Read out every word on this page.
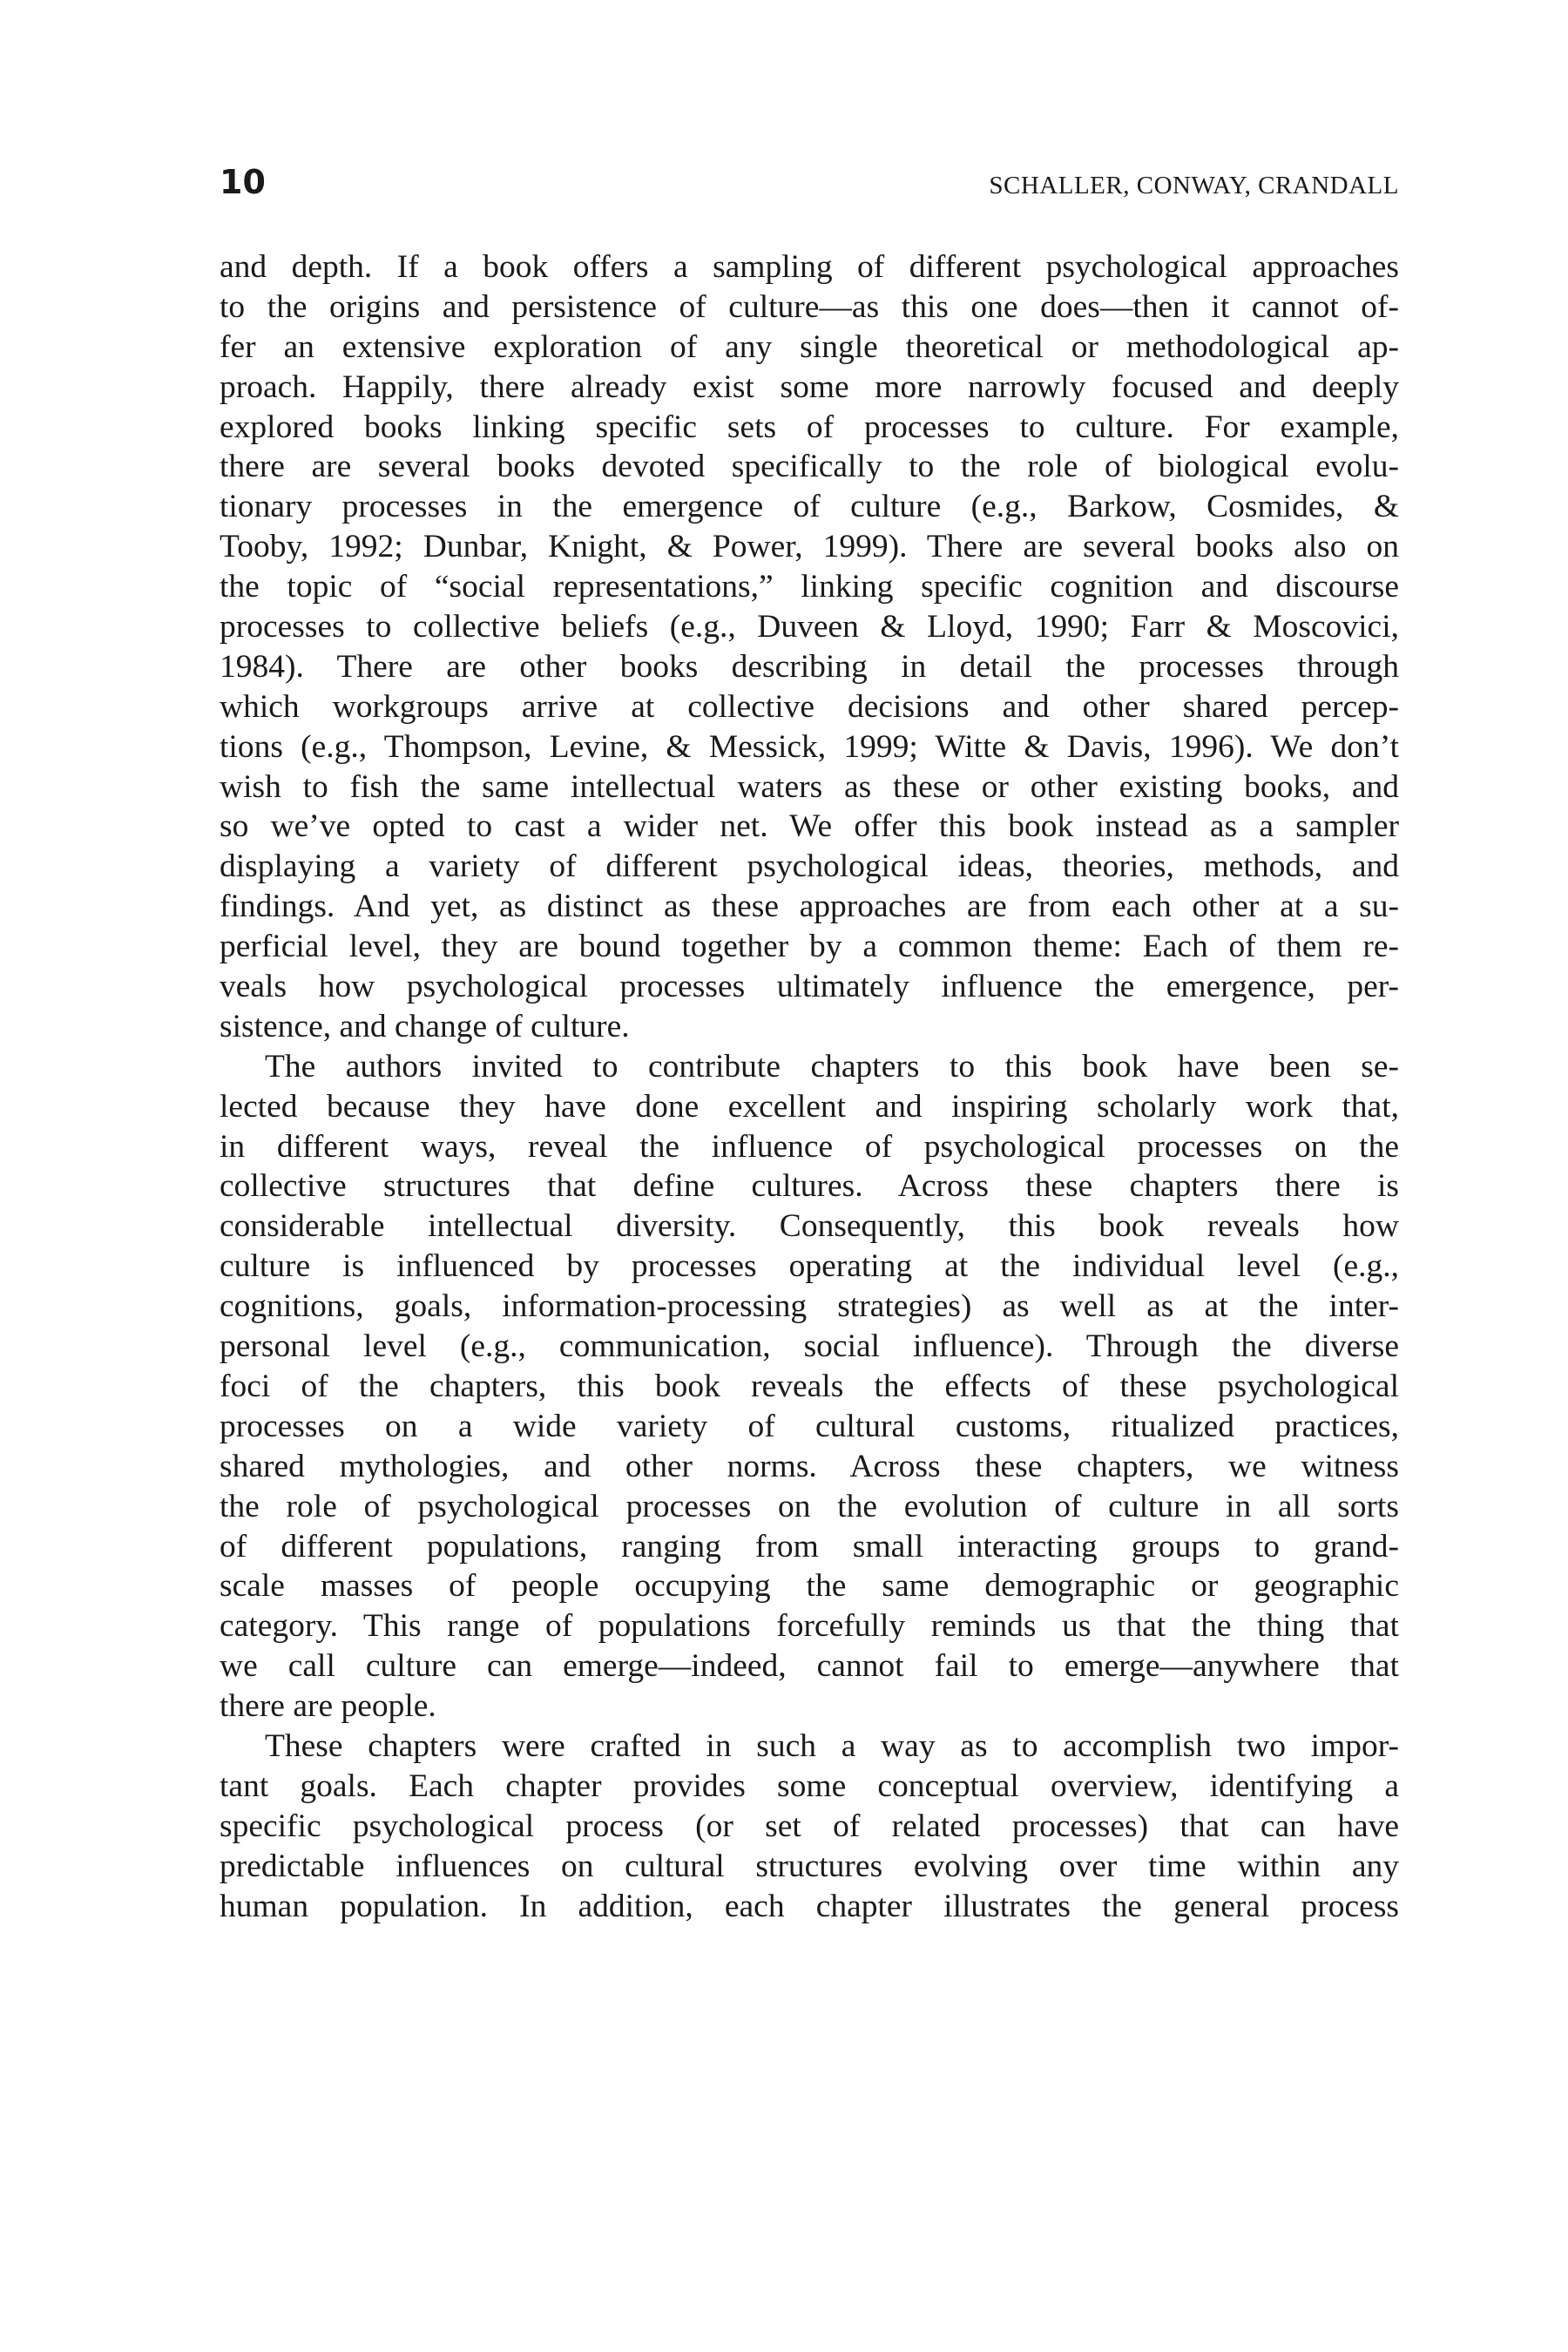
10	SCHALLER, CONWAY, CRANDALL
and depth. If a book offers a sampling of different psychological approaches
to the origins and persistence of culture—as this one does—then it cannot of-
fer an extensive exploration of any single theoretical or methodological ap-
proach. Happily, there already exist some more narrowly focused and deeply
explored books linking specific sets of processes to culture. For example,
there are several books devoted specifically to the role of biological evolu-
tionary processes in the emergence of culture (e.g., Barkow, Cosmides, &
Tooby, 1992; Dunbar, Knight, & Power, 1999). There are several books also on
the topic of “social representations,” linking specific cognition and discourse
processes to collective beliefs (e.g., Duveen & Lloyd, 1990; Farr & Moscovici,
1984). There are other books describing in detail the processes through
which workgroups arrive at collective decisions and other shared percep-
tions (e.g., Thompson, Levine, & Messick, 1999; Witte & Davis, 1996). We don’t
wish to fish the same intellectual waters as these or other existing books, and
so we’ve opted to cast a wider net. We offer this book instead as a sampler
displaying a variety of different psychological ideas, theories, methods, and
findings. And yet, as distinct as these approaches are from each other at a su-
perficial level, they are bound together by a common theme: Each of them re-
veals how psychological processes ultimately influence the emergence, per-
sistence, and change of culture.
The authors invited to contribute chapters to this book have been se-
lected because they have done excellent and inspiring scholarly work that,
in different ways, reveal the influence of psychological processes on the
collective structures that define cultures. Across these chapters there is
considerable intellectual diversity. Consequently, this book reveals how
culture is influenced by processes operating at the individual level (e.g.,
cognitions, goals, information-processing strategies) as well as at the inter-
personal level (e.g., communication, social influence). Through the diverse
foci of the chapters, this book reveals the effects of these psychological
processes on a wide variety of cultural customs, ritualized practices,
shared mythologies, and other norms. Across these chapters, we witness
the role of psychological processes on the evolution of culture in all sorts
of different populations, ranging from small interacting groups to grand-
scale masses of people occupying the same demographic or geographic
category. This range of populations forcefully reminds us that the thing that
we call culture can emerge—indeed, cannot fail to emerge—anywhere that
there are people.
These chapters were crafted in such a way as to accomplish two impor-
tant goals. Each chapter provides some conceptual overview, identifying a
specific psychological process (or set of related processes) that can have
predictable influences on cultural structures evolving over time within any
human population. In addition, each chapter illustrates the general process
